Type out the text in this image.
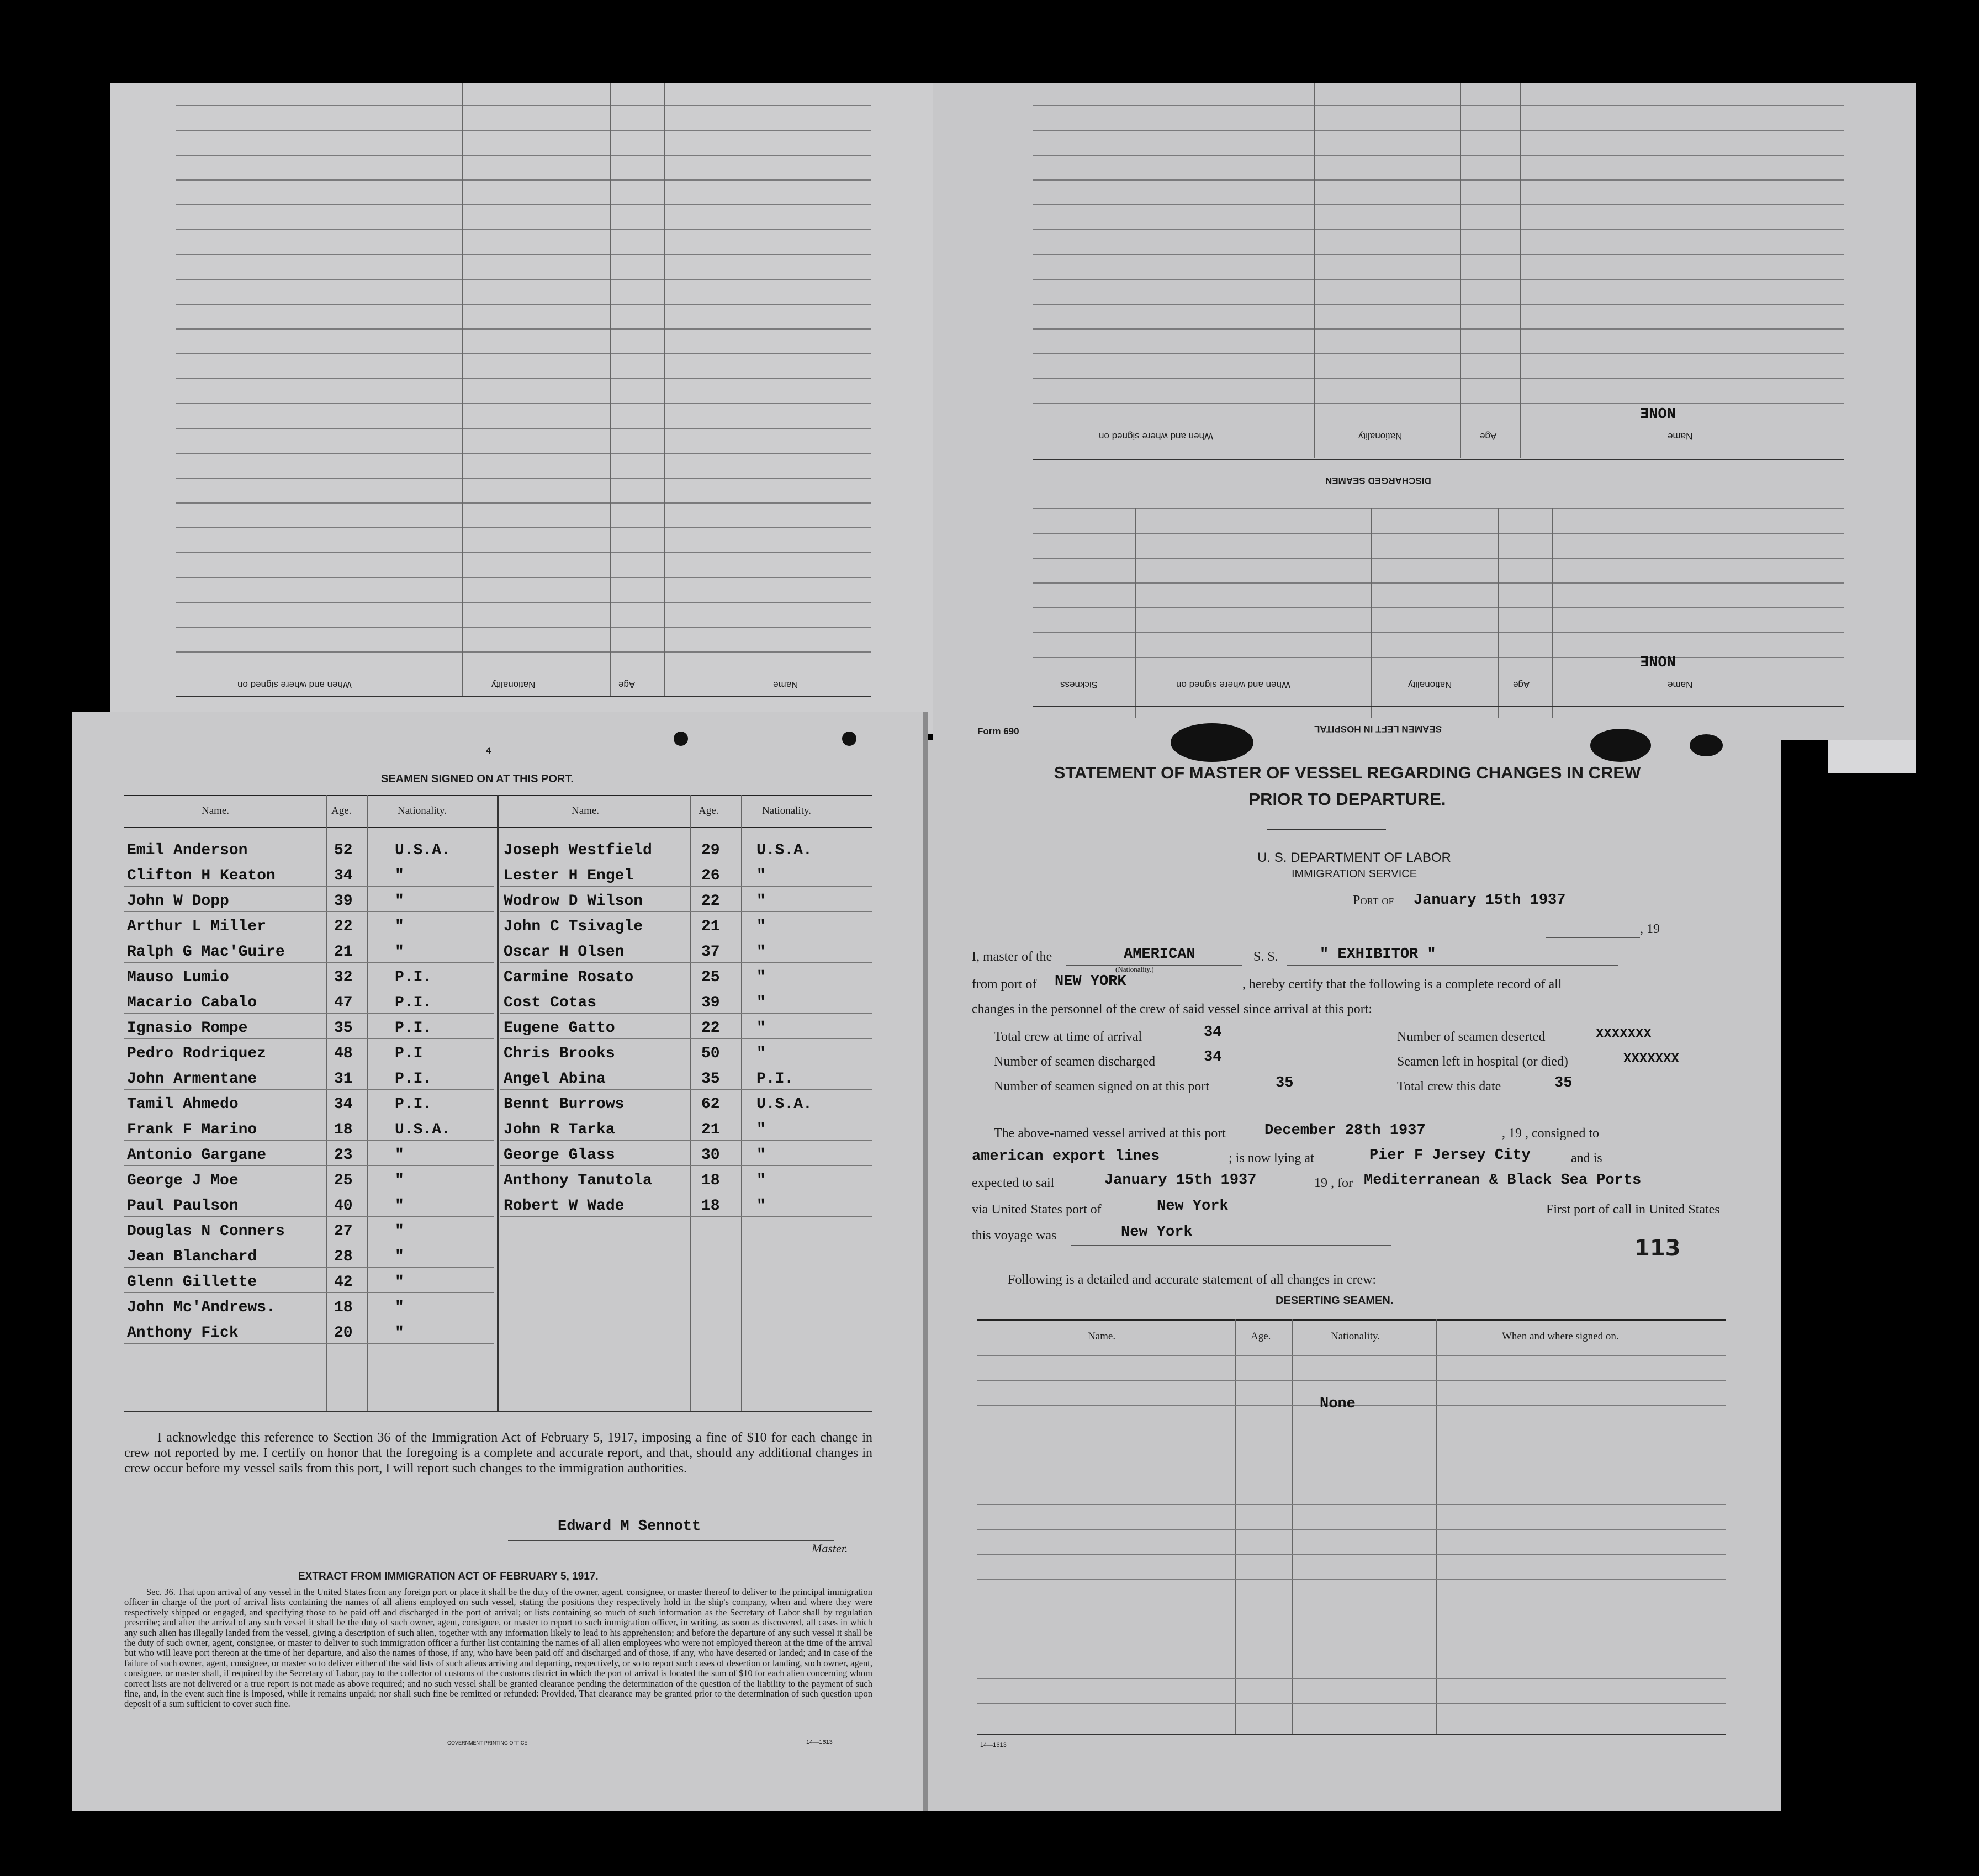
When and where signed on	Nationality	Age	Name
When and where signed on	Nationality	Age	Name
NONE
DISCHARGED SEAMEN
Sickness	When and where signed on	Nationality	Age	Name
NONE
SEAMEN LEFT IN HOSPITAL
Form 690
4
SEAMEN SIGNED ON AT THIS PORT.
Name.	Age.	Nationality.	Name.	Age.	Nationality.
Emil Anderson	52	U.S.A.
Clifton H Keaton	34	"
John W Dopp	39	"
Arthur L Miller	22	"
Ralph G Mac'Guire	21	"
Mauso Lumio	32	P.I.
Macario Cabalo	47	P.I.
Ignasio Rompe	35	P.I.
Pedro Rodriquez	48	P.I
John Armentane	31	P.I.
Tamil Ahmedo	34	P.I.
Frank F Marino	18	U.S.A.
Antonio Gargane	23	"
George J Moe	25	"
Paul Paulson	40	"
Douglas N Conners	27	"
Jean Blanchard	28	"
Glenn Gillette	42	"
John Mc'Andrews.	18	"
Anthony Fick	20	"
Joseph Westfield	29 U.S.A.
Lester H Engel	26 "
Wodrow D Wilson	22 "
John C Tsivagle	21 "
Oscar H Olsen	37 "
Carmine Rosato	25 "
Cost Cotas	39 "
Eugene Gatto	22 "
Chris Brooks	50 "
Angel Abina	35 P.I.
Bennt Burrows	62 U.S.A.
John R Tarka	21 "
George Glass	30 "
Anthony Tanutola	18 "
Robert W Wade	18 "
I acknowledge this reference to Section 36 of the Immigration Act of February 5, 1917, imposing a fine of $10 for each change in crew not reported by me. I certify on honor that the foregoing is a complete and accurate report, and that, should any additional changes in crew occur before my vessel sails from this port, I will report such changes to the immigration authorities.
Edward M Sennott
Master.
EXTRACT FROM IMMIGRATION ACT OF FEBRUARY 5, 1917.
Sec. 36. That upon arrival of any vessel in the United States from any foreign port or place it shall be the duty of the owner, agent, consignee, or master thereof to deliver to the principal immigration officer in charge of the port of arrival lists containing the names of all aliens employed on such vessel, stating the positions they respectively hold in the ship's company, when and where they were respectively shipped or engaged, and specifying those to be paid off and discharged in the port of arrival; or lists containing so much of such information as the Secretary of Labor shall by regulation prescribe; and after the arrival of any such vessel it shall be the duty of such owner, agent, consignee, or master to report to such immigration officer, in writing, as soon as discovered, all cases in which any such alien has illegally landed from the vessel, giving a description of such alien, together with any information likely to lead to his apprehension; and before the departure of any such vessel it shall be the duty of such owner, agent, consignee, or master to deliver to such immigration officer a further list containing the names of all alien employees who were not employed thereon at the time of the arrival but who will leave port thereon at the time of her departure, and also the names of those, if any, who have been paid off and discharged and of those, if any, who have deserted or landed; and in case of the failure of such owner, agent, consignee, or master so to deliver either of the said lists of such aliens arriving and departing, respectively, or so to report such cases of desertion or landing, such owner, agent, consignee, or master shall, if required by the Secretary of Labor, pay to the collector of customs of the customs district in which the port of arrival is located the sum of $10 for each alien concerning whom correct lists are not delivered or a true report is not made as above required; and no such vessel shall be granted clearance pending the determination of the question of the liability to the payment of such fine, and, in the event such fine is imposed, while it remains unpaid; nor shall such fine be remitted or refunded: Provided, That clearance may be granted prior to the determination of such question upon deposit of a sum sufficient to cover such fine.
GOVERNMENT PRINTING OFFICE	14—1613
STATEMENT OF MASTER OF VESSEL REGARDING CHANGES IN CREW
PRIOR TO DEPARTURE.
U. S. DEPARTMENT OF LABOR
IMMIGRATION SERVICE
Port of January 15th 1937
, 19
I, master of the	AMERICAN	S. S.	" EXHIBITOR "
(Nationality.)
from port of NEW YORK	, hereby certify that the following is a complete record of all
changes in the personnel of the crew of said vessel since arrival at this port:
Total crew at time of arrival	34	Number of seamen deserted	XXXXXXX
Number of seamen discharged	34	Seamen left in hospital (or died)	XXXXXXX
Number of seamen signed on at this port	35	Total crew this date	35
The above-named vessel arrived at this port	December 28th 1937	, 19 , consigned to
american export lines	; is now lying at	Pier F Jersey City	and is
expected to sail	January 15th 1937	19 , for Mediterranean & Black Sea Ports
via United States port of	New York	First port of call in United States
this voyage was	New York
113
Following is a detailed and accurate statement of all changes in crew:
DESERTING SEAMEN.
Name.	Age.	Nationality.	When and where signed on.
None
14—1613
